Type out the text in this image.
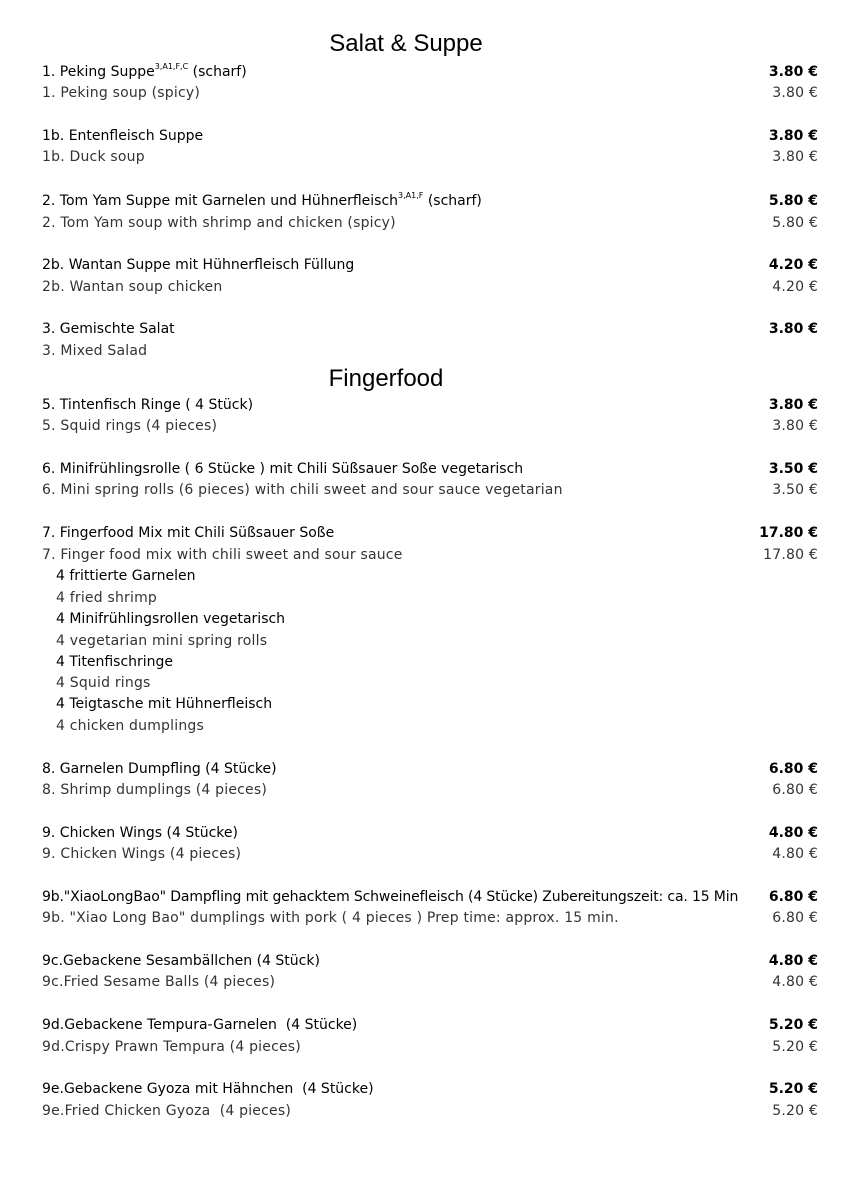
Salat & Suppe
1. Peking Suppe$^{3,A1,F,C}$ (scharf)	3.80 €
1. Peking soup (spicy)	3.80 €
1b. Entenfleisch Suppe	3.80 €
1b. Duck soup	3.80 €
2. Tom Yam Suppe mit Garnelen und Hühnerfleisch$^{3,A1,F}$ (scharf)	5.80 €
2. Tom Yam soup with shrimp and chicken (spicy)	5.80 €
2b. Wantan Suppe mit Hühnerfleisch Füllung	4.20 €
2b. Wantan soup chicken	4.20 €
3. Gemischte Salat	3.80 €
3. Mixed Salad
Fingerfood
5. Tintenfisch Ringe ( 4 Stück)	3.80 €
5. Squid rings (4 pieces)	3.80 €
6. Minifrühlingsrolle ( 6 Stücke ) mit Chili Süßsauer Soße vegetarisch	3.50 €
6. Mini spring rolls (6 pieces) with chili sweet and sour sauce vegetarian	3.50 €
7. Fingerfood Mix mit Chili Süßsauer Soße	17.80 €
7. Finger food mix with chili sweet and sour sauce	17.80 €
4 frittierte Garnelen
4 fried shrimp
4 Minifrühlingsrollen vegetarisch
4 vegetarian mini spring rolls
4 Titenfischringe
4 Squid rings
4 Teigtasche mit Hühnerfleisch
4 chicken dumplings
8. Garnelen Dumpfling (4 Stücke)	6.80 €
8. Shrimp dumplings (4 pieces)	6.80 €
9. Chicken Wings (4 Stücke)	4.80 €
9. Chicken Wings (4 pieces)	4.80 €
9b."XiaoLongBao" Dampfling mit gehacktem Schweinefleisch (4 Stücke) Zubereitungszeit: ca. 15 Min 6.80 €
9b. "Xiao Long Bao" dumplings with pork ( 4 pieces ) Prep time: approx. 15 min.	6.80 €
9c.Gebackene Sesambällchen (4 Stück)	4.80 €
9c.Fried Sesame Balls (4 pieces)	4.80 €
9d.Gebackene Tempura-Garnelen  (4 Stücke)	5.20 €
9d.Crispy Prawn Tempura (4 pieces)	5.20 €
9e.Gebackene Gyoza mit Hähnchen  (4 Stücke)	5.20 €
9e.Fried Chicken Gyoza  (4 pieces)	5.20 €
